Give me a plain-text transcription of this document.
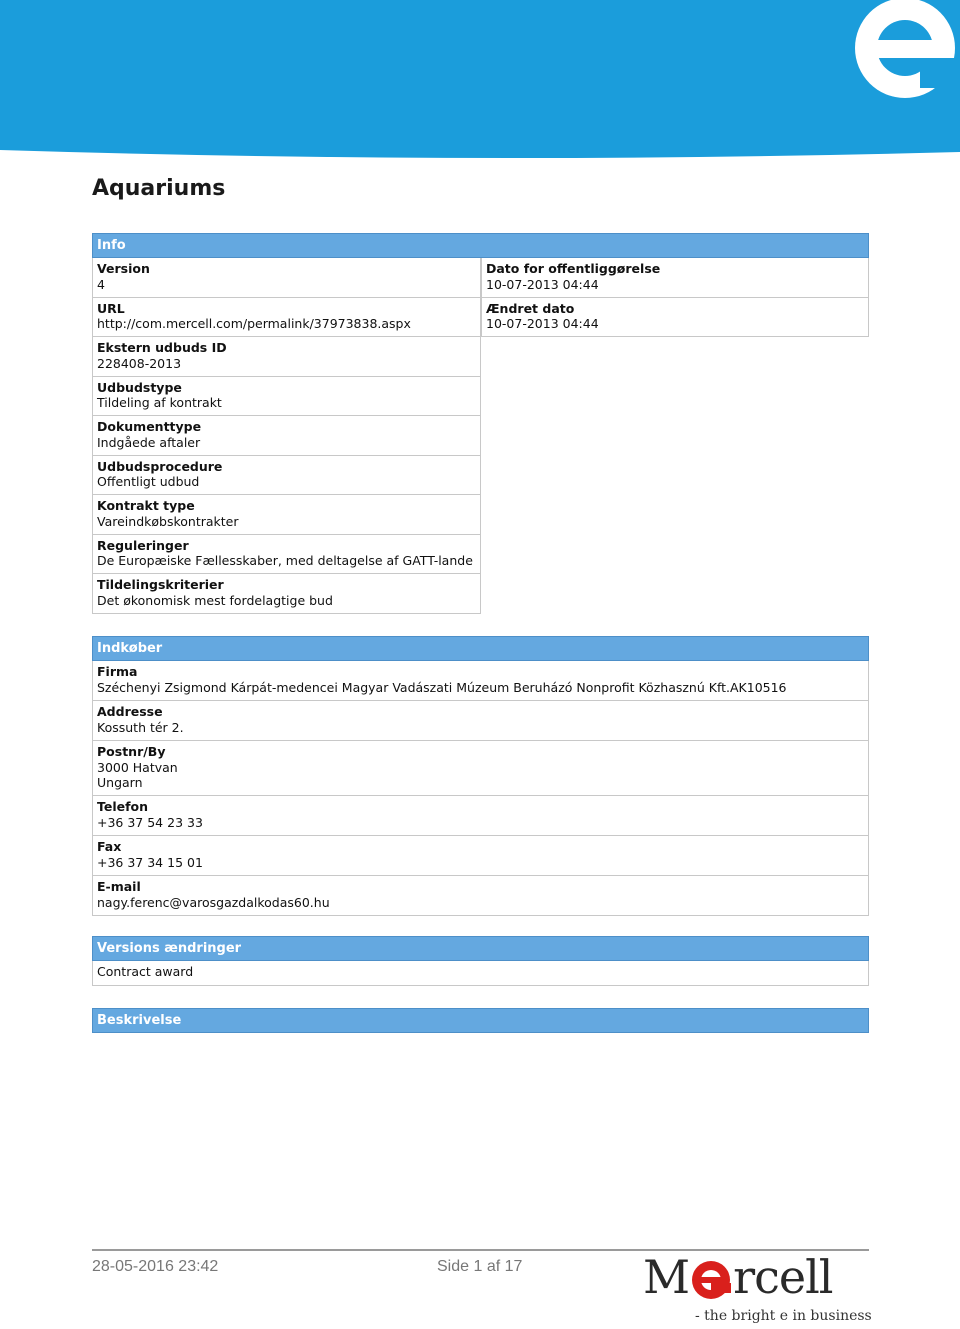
Aquariums
Info
Version
4
URL
http://com.mercell.com/permalink/37973838.aspx
Ekstern udbuds ID
228408-2013
Udbudstype
Tildeling af kontrakt
Dokumenttype
Indgåede aftaler
Udbudsprocedure
Offentligt udbud
Kontrakt type
Vareindkøbskontrakter
Reguleringer
De Europæiske Fællesskaber, med deltagelse af GATT-lande
Tildelingskriterier
Det økonomisk mest fordelagtige bud
Dato for offentliggørelse
10-07-2013 04:44
Ændret dato
10-07-2013 04:44
Indkøber
Firma
Széchenyi Zsigmond Kárpát-medencei Magyar Vadászati Múzeum Beruházó Nonprofit Közhasznú Kft.AK10516
Addresse
Kossuth tér 2.
Postnr/By
3000 Hatvan
Ungarn
Telefon
+36 37 54 23 33
Fax
+36 37 34 15 01
E-mail
nagy.ferenc@varosgazdalkodas60.hu
Versions ændringer
Contract award
Beskrivelse
28-05-2016 23:42	Side 1 af 17	M rcell
- the bright e in business
